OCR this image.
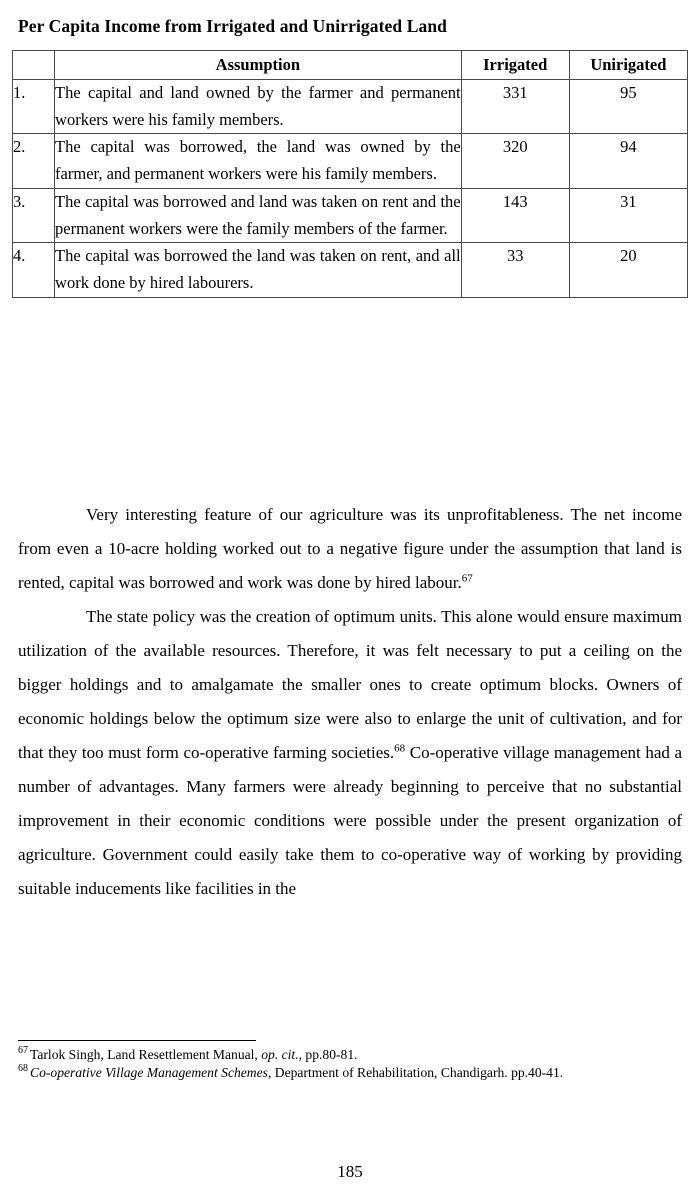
Per Capita Income from Irrigated and Unirrigated Land
	Assumption	Irrigated	Unirigated
1.	The capital and land owned by the farmer and permanent workers were his family members.	331	95
2.	The capital was borrowed, the land was owned by the farmer, and permanent workers were his family members.	320	94
3.	The capital was borrowed and land was taken on rent and the permanent workers were the family members of the farmer.	143	31
4.	The capital was borrowed the land was taken on rent, and all work done by hired labourers.	33	20

Very interesting feature of our agriculture was its unprofitableness. The net income from even a 10-acre holding worked out to a negative figure under the assumption that land is rented, capital was borrowed and work was done by hired labour.$^{67}$

The state policy was the creation of optimum units. This alone would ensure maximum utilization of the available resources. Therefore, it was felt necessary to put a ceiling on the bigger holdings and to amalgamate the smaller ones to create optimum blocks. Owners of economic holdings below the optimum size were also to enlarge the unit of cultivation, and for that they too must form co-operative farming societies.$^{68}$ Co-operative village management had a number of advantages. Many farmers were already beginning to perceive that no substantial improvement in their economic conditions were possible under the present organization of agriculture. Government could easily take them to co-operative way of working by providing suitable inducements like facilities in the

$^{67}$ Tarlok Singh, Land Resettlement Manual, op. cit., pp.80-81.

$^{68}$ Co-operative Village Management Schemes, Department of Rehabilitation, Chandigarh. pp.40-41.

185
